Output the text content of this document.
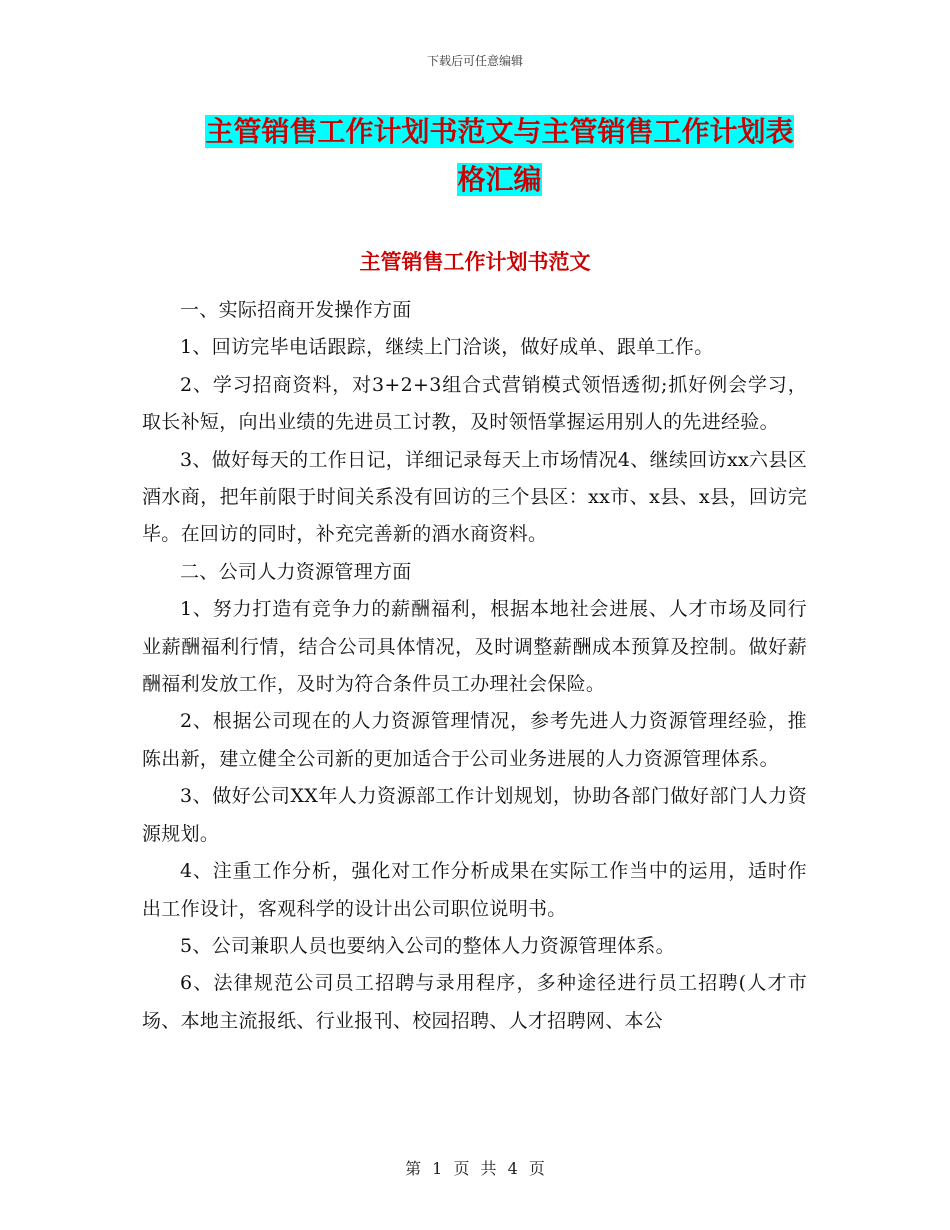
下载后可任意编辑
主管销售工作计划书范文与主管销售工作计划表格汇编
主管销售工作计划书范文

一、实际招商开发操作方面

1、回访完毕电话跟踪，继续上门洽谈，做好成单、跟单工作。

2、学习招商资料，对3+2+3组合式营销模式领悟透彻;抓好例会学习，取长补短，向出业绩的先进员工讨教，及时领悟掌握运用别人的先进经验。

3、做好每天的工作日记，详细记录每天上市场情况4、继续回访xx六县区酒水商，把年前限于时间关系没有回访的三个县区：xx市、x县、x县，回访完毕。在回访的同时，补充完善新的酒水商资料。

二、公司人力资源管理方面

1、努力打造有竞争力的薪酬福利，根据本地社会进展、人才市场及同行业薪酬福利行情，结合公司具体情况，及时调整薪酬成本预算及控制。做好薪酬福利发放工作，及时为符合条件员工办理社会保险。

2、根据公司现在的人力资源管理情况，参考先进人力资源管理经验，推陈出新，建立健全公司新的更加适合于公司业务进展的人力资源管理体系。

3、做好公司XX年人力资源部工作计划规划，协助各部门做好部门人力资源规划。

4、注重工作分析，强化对工作分析成果在实际工作当中的运用，适时作出工作设计，客观科学的设计出公司职位说明书。

5、公司兼职人员也要纳入公司的整体人力资源管理体系。

6、法律规范公司员工招聘与录用程序，多种途径进行员工招聘(人才市场、本地主流报纸、行业报刊、校园招聘、人才招聘网、本公

第 1 页 共 4 页
